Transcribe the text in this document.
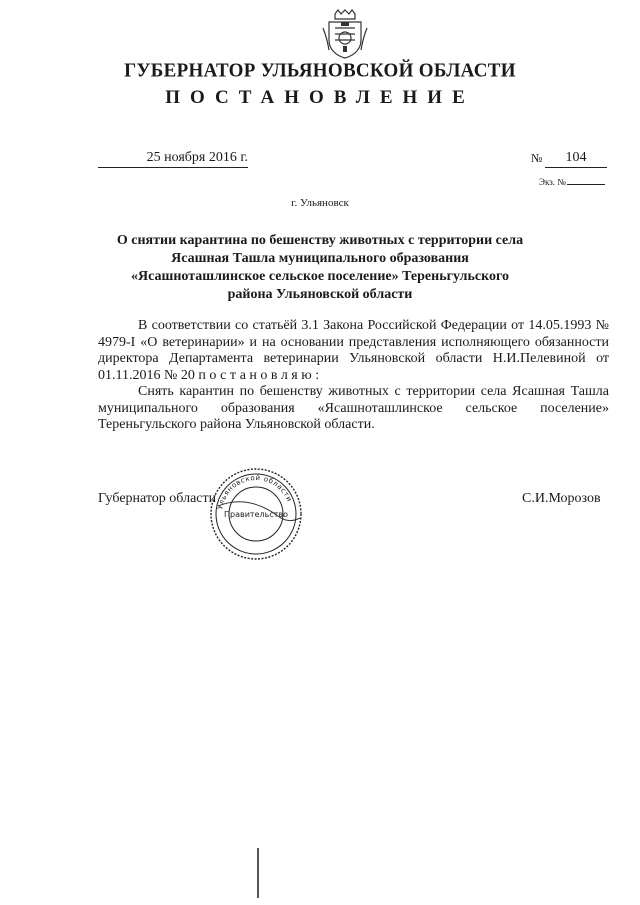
ГУБЕРНАТОР УЛЬЯНОВСКОЙ ОБЛАСТИ
ПОСТАНОВЛЕНИЕ
25 ноября 2016 г.	№	104
Экз. №
г. Ульяновск
О снятии карантина по бешенству животных с территории села Ясашная Ташла муниципального образования «Ясашноташлинское сельское поселение» Тереньгульского района Ульяновской области

В соответствии со статьёй 3.1 Закона Российской Федерации от 14.05.1993 № 4979-I «О ветеринарии» и на основании представления исполняющего обязанности директора Департамента ветеринарии Ульяновской области Н.И.Пелевиной от 01.11.2016 № 20 постановляю:

Снять карантин по бешенству животных с территории села Ясашная Ташла муниципального образования «Ясашноташлинское сельское поселение» Тереньгульского района Ульяновской области.

Губернатор области	С.И.Морозов
Ульяновской области
Правительство
